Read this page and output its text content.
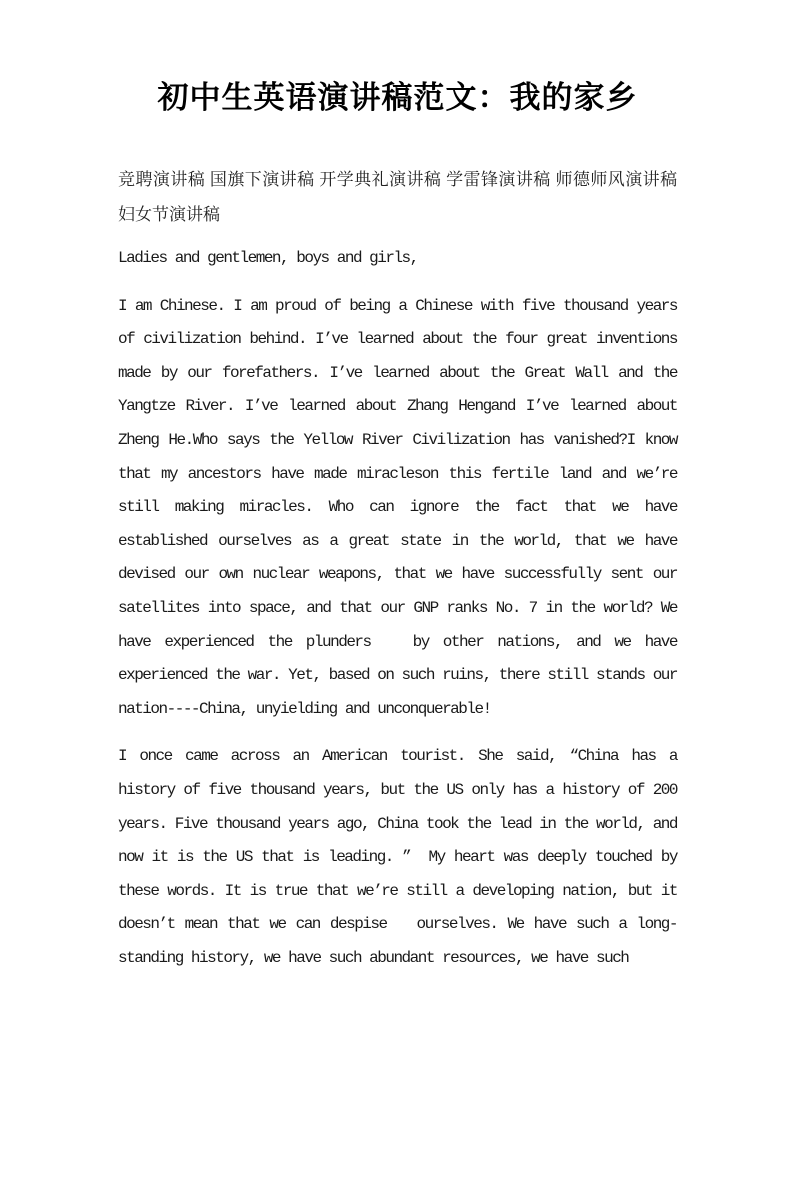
初中生英语演讲稿范文：我的家乡

竞聘演讲稿 国旗下演讲稿 开学典礼演讲稿 学雷锋演讲稿 师德师风演讲稿 妇女节演讲稿

Ladies and gentlemen, boys and girls,

I am Chinese. I am proud of being a Chinese with five thousand years of civilization behind. I’ve learned about the four great inventions made by our forefathers. I’ve learned about the Great Wall and the Yangtze River. I’ve learned about Zhang Hengand I’ve learned about Zheng He.Who says the Yellow River Civilization has vanished?I know that my ancestors have made miracleson this fertile land and we’re still making miracles. Who can ignore the fact that we have established ourselves as a great state in the world, that we have devised our own nuclear weapons, that we have successfully sent our satellites into space, and that our GNP ranks No. 7 in the world? We have experienced the plunders   by other nations, and we have experienced the war. Yet, based on such ruins, there still stands our nation----China, unyielding and unconquerable!

I once came across an American tourist. She said, “China has a history of five thousand years, but the US only has a history of 200 years. Five thousand years ago, China took the lead in the world, and now it is the US that is leading. ”  My heart was deeply touched by these words. It is true that we’re still a developing nation, but it doesn’t mean that we can despise   ourselves. We have such a long-standing history, we have such abundant resources, we have such
